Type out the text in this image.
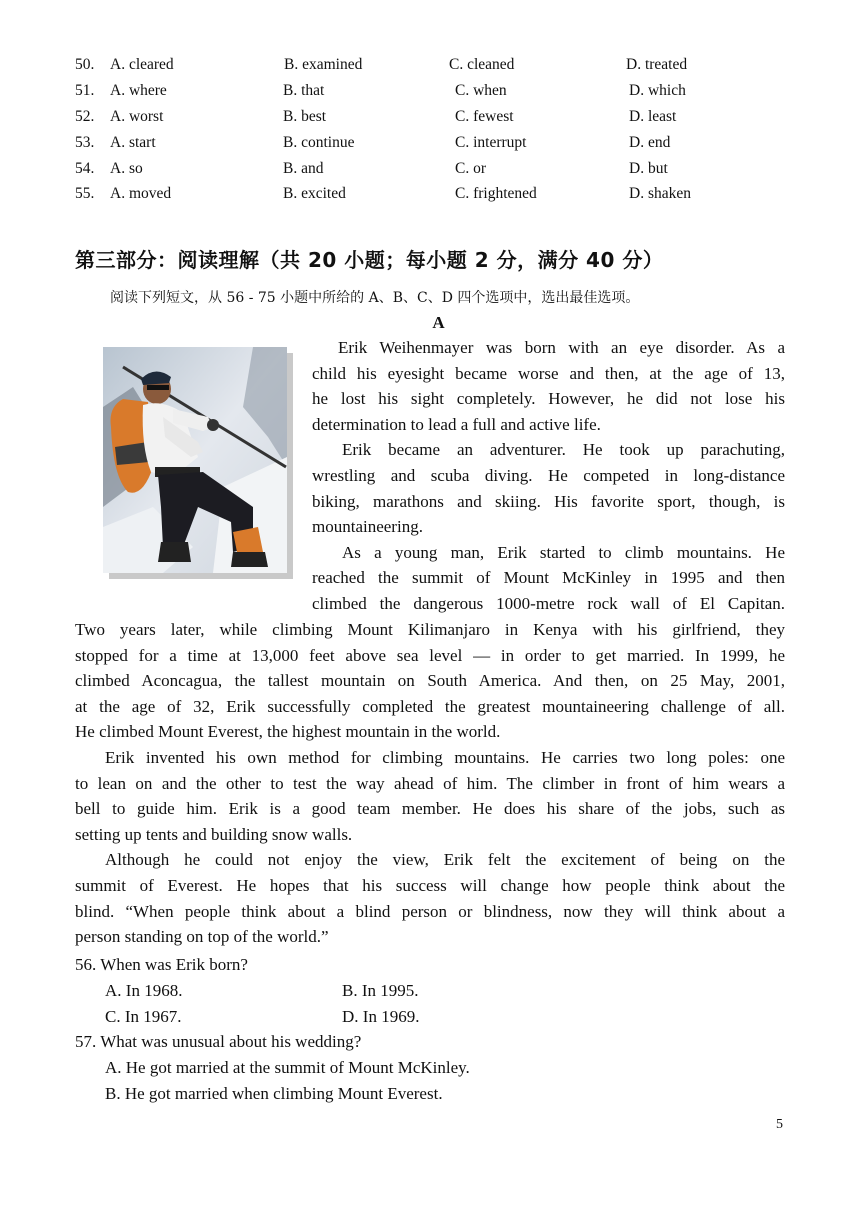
50. A. cleared	B. examined	C. cleaned	D. treated
51. A. where	B. that	C. when	D. which
52. A. worst	B. best	C. fewest	D. least
53. A. start	B. continue	C. interrupt	D. end
54. A. so	B. and	C. or	D. but
55. A. moved	B. excited	C. frightened	D. shaken
第三部分：阅读理解（共 20 小题；每小题 2 分，满分 40 分）
阅读下列短文，从 56 - 75 小题中所给的 A、B、C、D 四个选项中，选出最佳选项。
A
Erik Weihenmayer was born with an eye disorder. As a
child his eyesight became worse and then, at the age of 13,
he lost his sight completely. However, he did not lose his
determination to lead a full and active life.
Erik became an adventurer. He took up parachuting,
wrestling and scuba diving. He competed in long-distance
biking, marathons and skiing. His favorite sport, though, is
mountaineering.
As a young man, Erik started to climb mountains. He
reached the summit of Mount McKinley in 1995 and then
climbed the dangerous 1000-metre rock wall of El Capitan.
Two years later, while climbing Mount Kilimanjaro in Kenya with his girlfriend, they
stopped for a time at 13,000 feet above sea level — in order to get married. In 1999, he
climbed Aconcagua, the tallest mountain on South America. And then, on 25 May, 2001,
at the age of 32, Erik successfully completed the greatest mountaineering challenge of all.
He climbed Mount Everest, the highest mountain in the world.
Erik invented his own method for climbing mountains. He carries two long poles: one
to lean on and the other to test the way ahead of him. The climber in front of him wears a
bell to guide him. Erik is a good team member. He does his share of the jobs, such as
setting up tents and building snow walls.
Although he could not enjoy the view, Erik felt the excitement of being on the
summit of Everest. He hopes that his success will change how people think about the
blind. “When people think about a blind person or blindness, now they will think about a
person standing on top of the world.”
56. When was Erik born?
A. In 1968.	B. In 1995.
C. In 1967.	D. In 1969.
57. What was unusual about his wedding?
A. He got married at the summit of Mount McKinley.
B. He got married when climbing Mount Everest.
5
